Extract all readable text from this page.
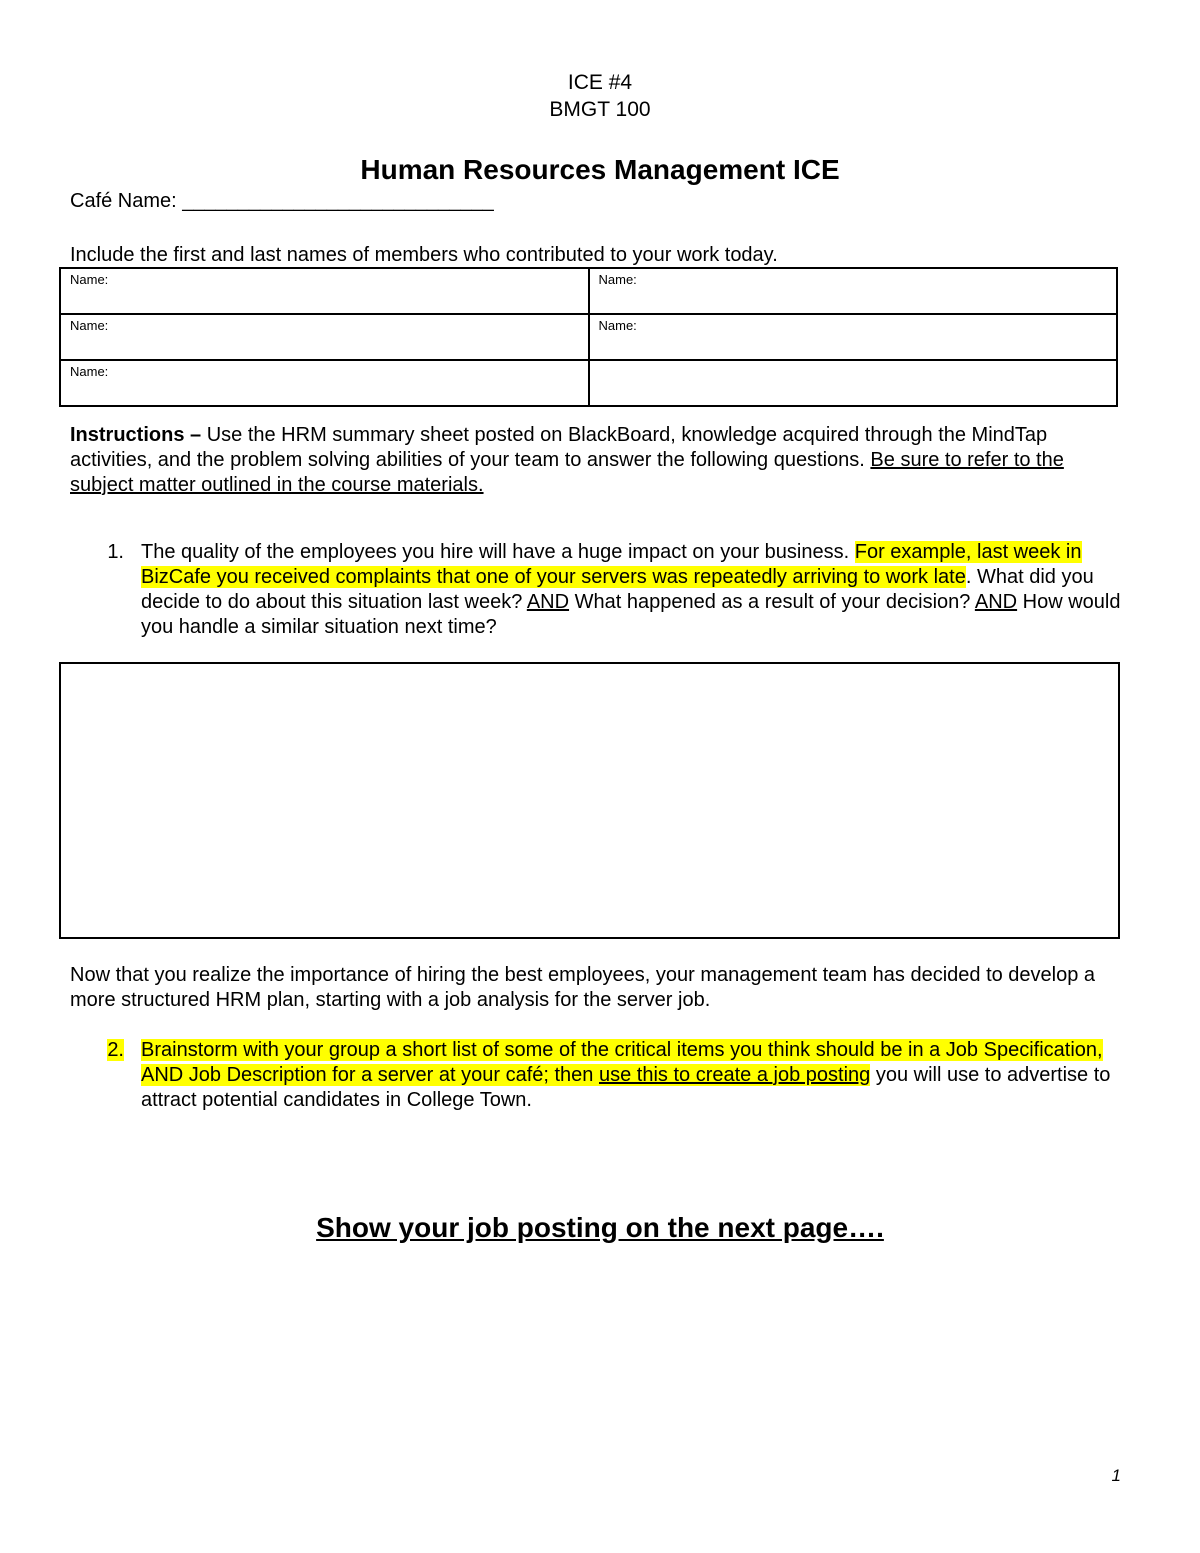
ICE #4
BMGT 100
Human Resources Management ICE
Café Name: ____________________________
Include the first and last names of members who contributed to your work today.
Name:	Name:
Name:	Name:
Name:	
Instructions – Use the HRM summary sheet posted on BlackBoard, knowledge acquired through the MindTap activities, and the problem solving abilities of your team to answer the following questions. Be sure to refer to the subject matter outlined in the course materials.
1. The quality of the employees you hire will have a huge impact on your business. For example, last week in BizCafe you received complaints that one of your servers was repeatedly arriving to work late. What did you decide to do about this situation last week? AND What happened as a result of your decision? AND How would you handle a similar situation next time?
Now that you realize the importance of hiring the best employees, your management team has decided to develop a more structured HRM plan, starting with a job analysis for the server job.
2. Brainstorm with your group a short list of some of the critical items you think should be in a Job Specification, AND Job Description for a server at your café; then use this to create a job posting you will use to advertise to attract potential candidates in College Town.
Show your job posting on the next page….
1
